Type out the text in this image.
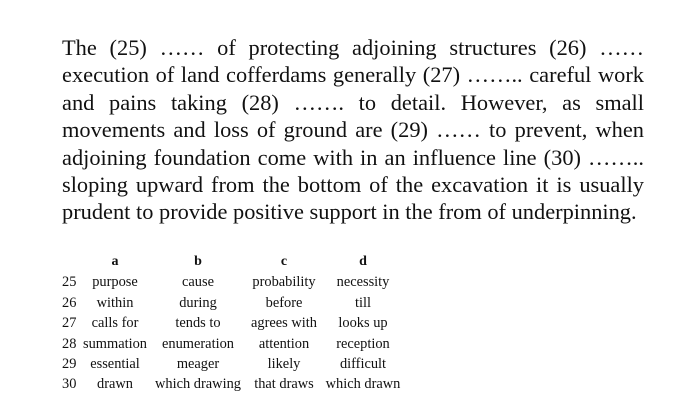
The (25) …… of protecting adjoining structures (26) …… execution of land cofferdams generally (27) …….. careful work and pains taking (28) ……. to detail. However, as small movements and loss of ground are (29) …… to prevent, when adjoining foundation come with in an influence line (30) …….. sloping upward from the bottom of the excavation it is usually prudent to provide positive support in the from of underpinning.

	a	b	c	d
25	purpose	cause	probability	necessity
26	within	during	before	till
27	calls for	tends to	agrees with	looks up
28	summation	enumeration	attention	reception
29	essential	meager	likely	difficult
30	drawn	which drawing	that draws	which drawn
